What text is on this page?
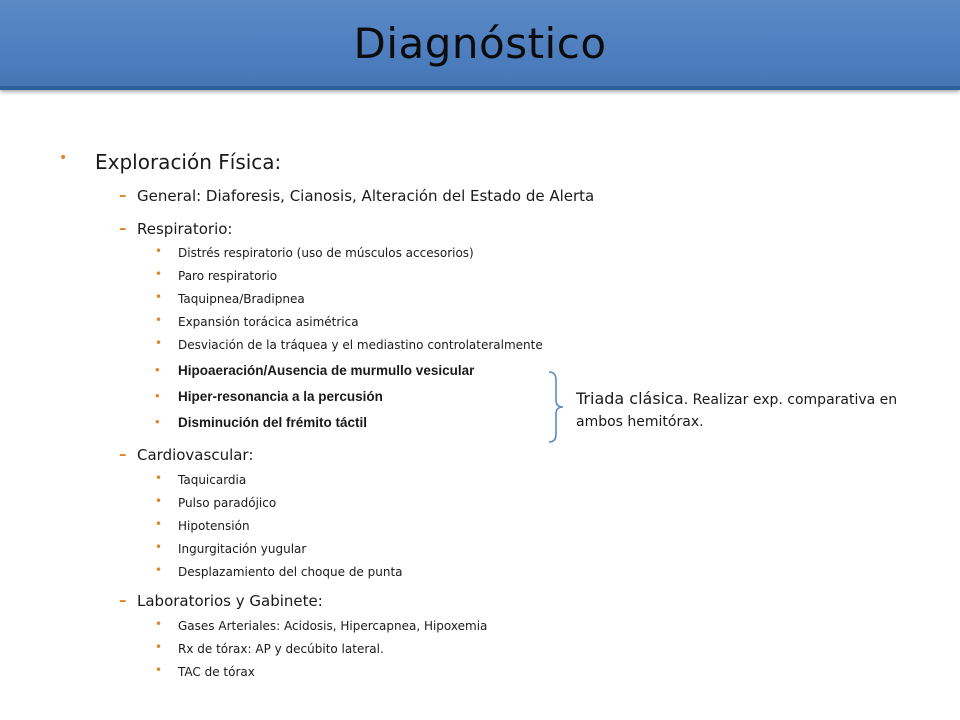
Diagnóstico
• Exploración Física:
– General: Diaforesis, Cianosis, Alteración del Estado de Alerta
– Respiratorio:
• Distrés respiratorio (uso de músculos accesorios)
• Paro respiratorio
• Taquipnea/Bradipnea
• Expansión torácica asimétrica
• Desviación de la tráquea y el mediastino controlateralmente
• Hipoaeración/Ausencia de murmullo vesicular
• Hiper-resonancia a la percusión
• Disminución del frémito táctil
Triada clásica. Realizar exp. comparativa en
ambos hemitórax.
– Cardiovascular:
• Taquicardia
• Pulso paradójico
• Hipotensión
• Ingurgitación yugular
• Desplazamiento del choque de punta
– Laboratorios y Gabinete:
• Gases Arteriales: Acidosis, Hipercapnea, Hipoxemia
• Rx de tórax: AP y decúbito lateral.
• TAC de tórax
